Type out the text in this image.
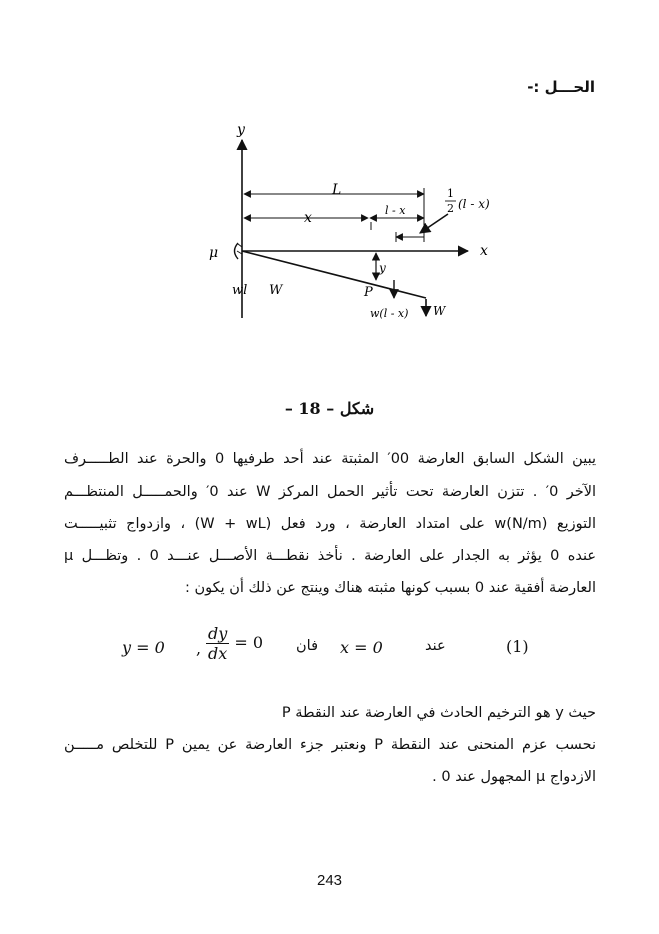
الحـــل :-
y
x
L
x	l - x
1
2 (l - x)
μ
y
wl W	P
w(l - x) W
شكل – 18 –
يبين الشكل السابق العارضة 00′ المثبتة عند أحد طرفيها 0 والحرة عند الطـــــرف
الآخر 0′ . تتزن العارضة تحت تأثير الحمل المركز W عند 0′ والحمـــــل المنتظـــم
التوزيع w(N/m) على امتداد العارضة ، ورد فعل (W + wL) ، وازدواج تثبيـــــت
μ عنده 0 يؤثر به الجدار على العارضة . نأخذ نقطـــة الأصـــل عنـــد 0 . وتظـــل
العارضة أفقية عند 0 بسبب كونها مثبته هناك وينتج عن ذلك أن يكون :
(1)
عند
x = 0
فان
$\frac{dy}{dx} = 0$
,
y = 0
حيث y هو الترخيم الحادث في العارضة عند النقطة P
نحسب عزم المنحنى عند النقطة P ونعتبر جزء العارضة عن يمين P للتخلص مـــــن
الازدواج μ المجهول عند 0 .
243
